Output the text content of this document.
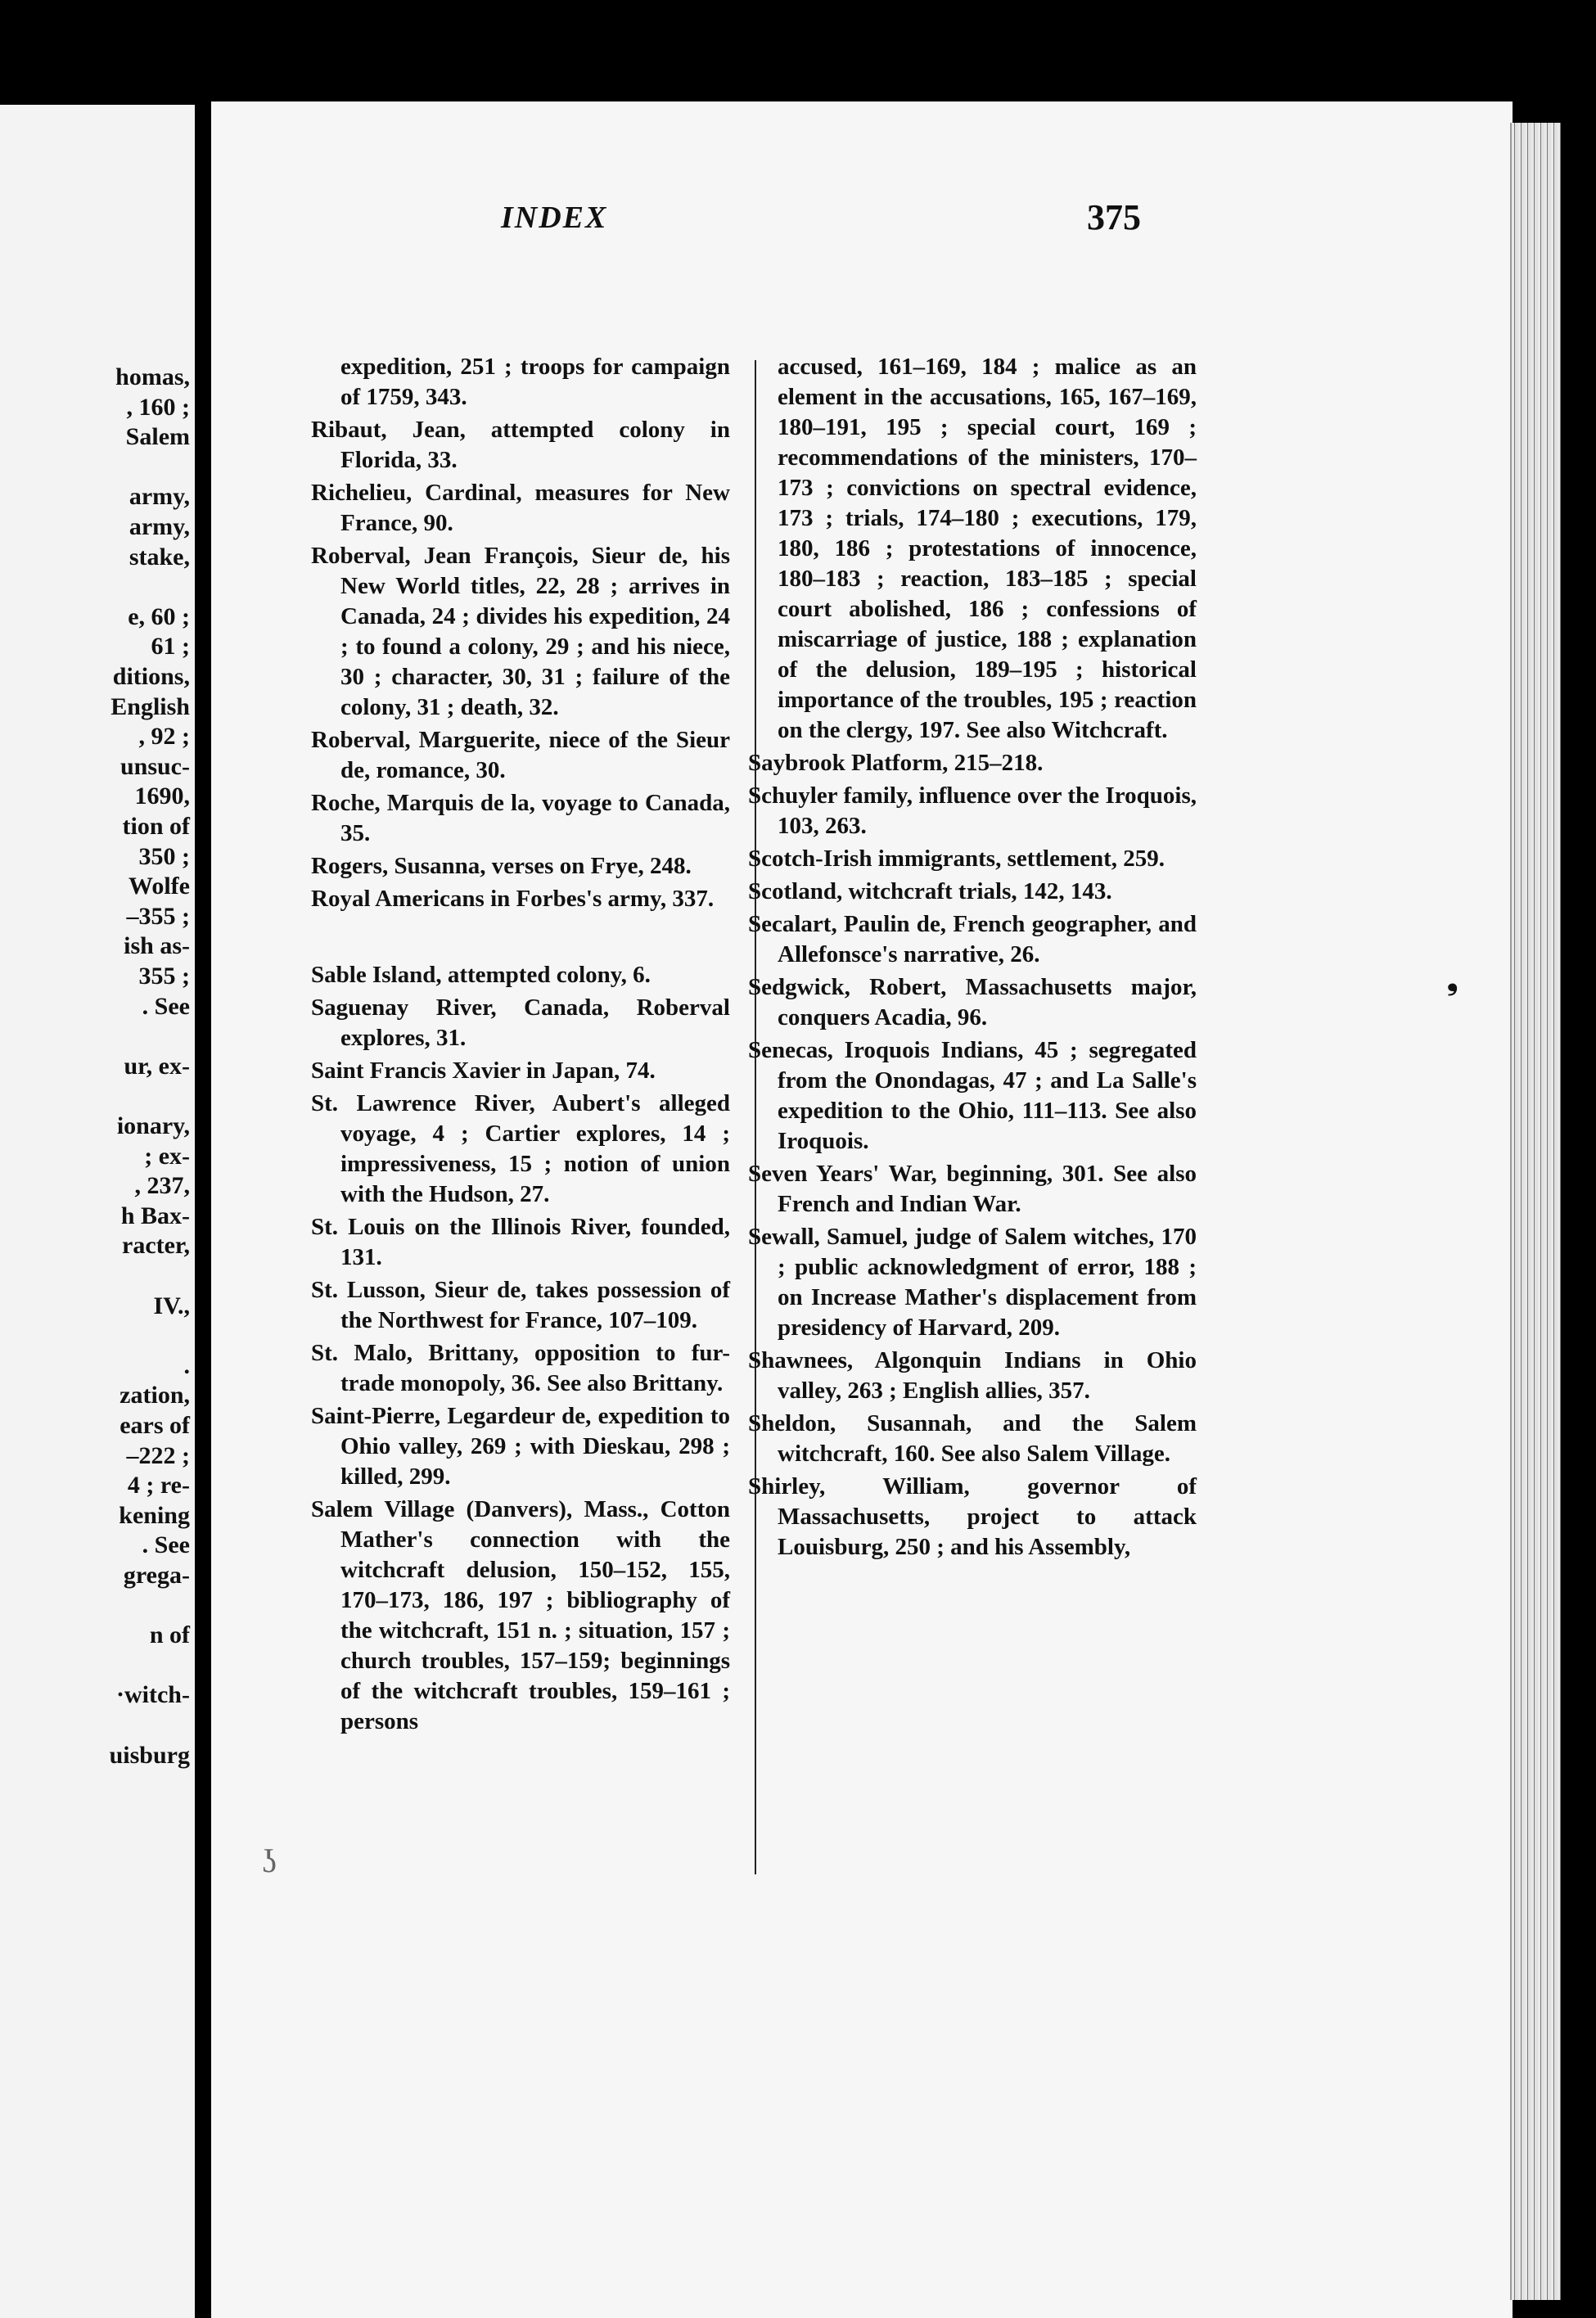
homas,
, 160 ;
Salem
army,
army,
stake,
e, 60 ;
61 ;
ditions,
English
, 92 ;
unsuc-
1690,
tion of
350 ;
Wolfe
–355 ;
ish as-
355 ;
. See
ur, ex-
ionary,
; ex-
, 237,
h Bax-
racter,
IV.,
.
zation,
ears of
–222 ;
4 ; re-
kening
. See
grega-
n of
·witch-
uisburg
INDEX	375
expedition, 251 ; troops for campaign of 1759, 343.
Ribaut, Jean, attempted colony in Florida, 33.
Richelieu, Cardinal, measures for New France, 90.
Roberval, Jean François, Sieur de, his New World titles, 22, 28 ; arrives in Canada, 24 ; divides his expedition, 24 ; to found a colony, 29 ; and his niece, 30 ; character, 30, 31 ; failure of the colony, 31 ; death, 32.
Roberval, Marguerite, niece of the Sieur de, romance, 30.
Roche, Marquis de la, voyage to Canada, 35.
Rogers, Susanna, verses on Frye, 248.
Royal Americans in Forbes's army, 337.
Sable Island, attempted colony, 6.
Saguenay River, Canada, Roberval explores, 31.
Saint Francis Xavier in Japan, 74.
St. Lawrence River, Aubert's alleged voyage, 4 ; Cartier explores, 14 ; impressiveness, 15 ; notion of union with the Hudson, 27.
St. Louis on the Illinois River, founded, 131.
St. Lusson, Sieur de, takes possession of the Northwest for France, 107–109.
St. Malo, Brittany, opposition to fur-trade monopoly, 36. See also Brittany.
Saint-Pierre, Legardeur de, expedition to Ohio valley, 269 ; with Dieskau, 298 ; killed, 299.
Salem Village (Danvers), Mass., Cotton Mather's connection with the witchcraft delusion, 150–152, 155, 170–173, 186, 197 ; bibliography of the witchcraft, 151 n. ; situation, 157 ; church troubles, 157–159; beginnings of the witchcraft troubles, 159–161 ; persons
accused, 161–169, 184 ; malice as an element in the accusations, 165, 167–169, 180–191, 195 ; special court, 169 ; recommendations of the ministers, 170–173 ; convictions on spectral evidence, 173 ; trials, 174–180 ; executions, 179, 180, 186 ; protestations of innocence, 180–183 ; reaction, 183–185 ; special court abolished, 186 ; confessions of miscarriage of justice, 188 ; explanation of the delusion, 189–195 ; historical importance of the troubles, 195 ; reaction on the clergy, 197. See also Witchcraft.
Saybrook Platform, 215–218.
Schuyler family, influence over the Iroquois, 103, 263.
Scotch-Irish immigrants, settlement, 259.
Scotland, witchcraft trials, 142, 143.
Secalart, Paulin de, French geographer, and Allefonsce's narrative, 26.
Sedgwick, Robert, Massachusetts major, conquers Acadia, 96.
Senecas, Iroquois Indians, 45 ; segregated from the Onondagas, 47 ; and La Salle's expedition to the Ohio, 111–113. See also Iroquois.
Seven Years' War, beginning, 301. See also French and Indian War.
Sewall, Samuel, judge of Salem witches, 170 ; public acknowledgment of error, 188 ; on Increase Mather's displacement from presidency of Harvard, 209.
Shawnees, Algonquin Indians in Ohio valley, 263 ; English allies, 357.
Sheldon, Susannah, and the Salem witchcraft, 160. See also Salem Village.
Shirley, William, governor of Massachusetts, project to attack Louisburg, 250 ; and his Assembly,
❟
ʖ
